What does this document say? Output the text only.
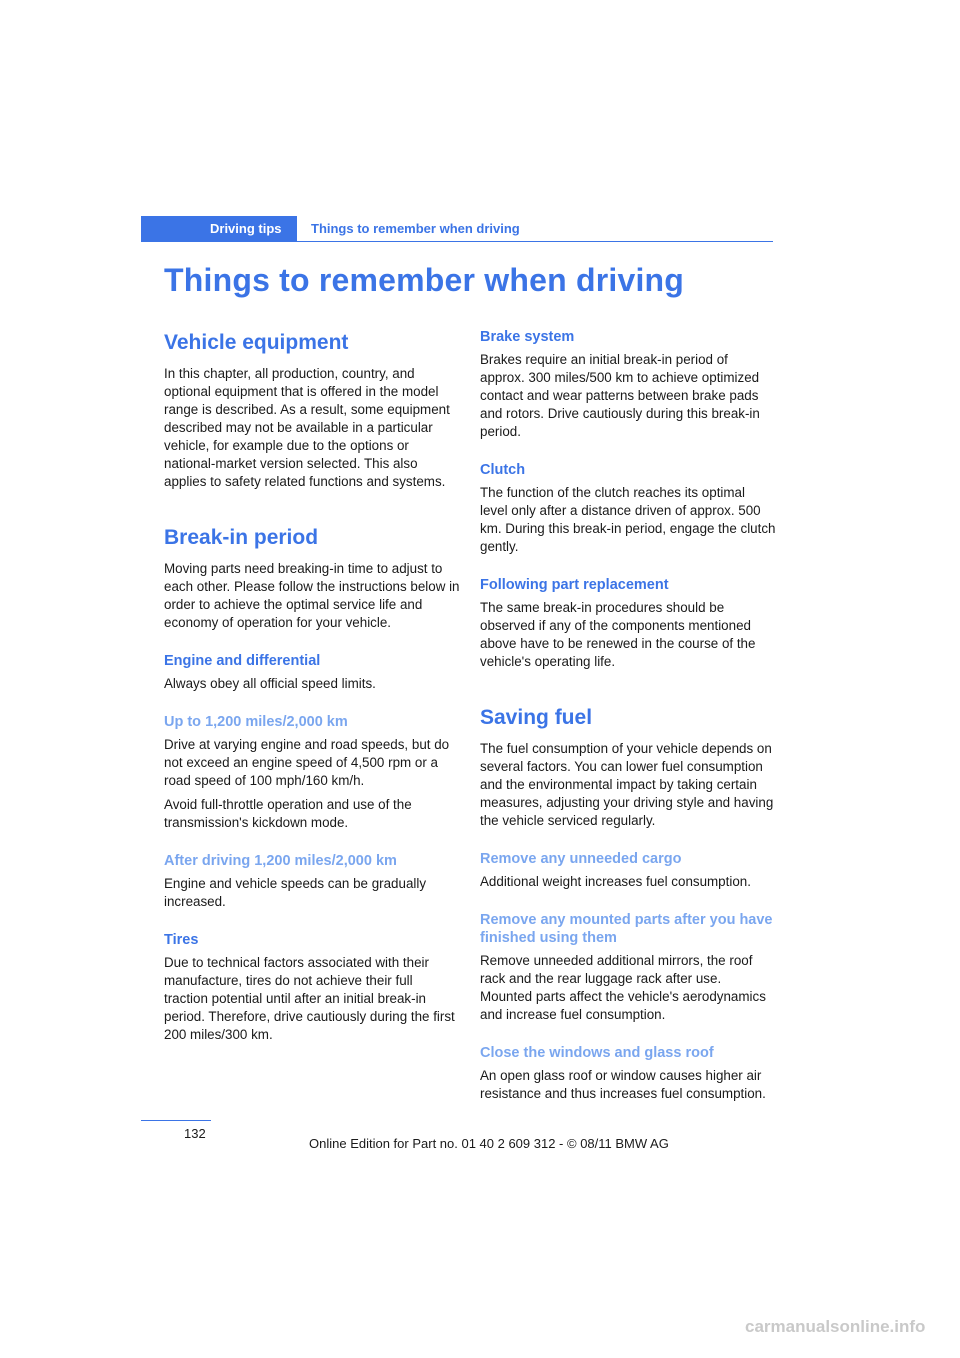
Driving tips Things to remember when driving
Things to remember when driving
Vehicle equipment

In this chapter, all production, country, and optional equipment that is offered in the model range is described. As a result, some equipment described may not be available in a particular vehicle, for example due to the options or national-market version selected. This also applies to safety related functions and systems.

Break-in period

Moving parts need breaking-in time to adjust to each other. Please follow the instructions below in order to achieve the optimal service life and economy of operation for your vehicle.

Engine and differential

Always obey all official speed limits.

Up to 1,200 miles/2,000 km

Drive at varying engine and road speeds, but do not exceed an engine speed of 4,500 rpm or a road speed of 100 mph/160 km/h.

Avoid full-throttle operation and use of the transmission's kickdown mode.

After driving 1,200 miles/2,000 km

Engine and vehicle speeds can be gradually increased.

Tires

Due to technical factors associated with their manufacture, tires do not achieve their full traction potential until after an initial break-in period. Therefore, drive cautiously during the first 200 miles/300 km.

Brake system

Brakes require an initial break-in period of approx. 300 miles/500 km to achieve optimized contact and wear patterns between brake pads and rotors. Drive cautiously during this break-in period.

Clutch

The function of the clutch reaches its optimal level only after a distance driven of approx. 500 km. During this break-in period, engage the clutch gently.

Following part replacement

The same break-in procedures should be observed if any of the components mentioned above have to be renewed in the course of the vehicle's operating life.

Saving fuel

The fuel consumption of your vehicle depends on several factors. You can lower fuel consumption and the environmental impact by taking certain measures, adjusting your driving style and having the vehicle serviced regularly.

Remove any unneeded cargo

Additional weight increases fuel consumption.

Remove any mounted parts after you have finished using them

Remove unneeded additional mirrors, the roof rack and the rear luggage rack after use. Mounted parts affect the vehicle's aerodynamics and increase fuel consumption.

Close the windows and glass roof

An open glass roof or window causes higher air resistance and thus increases fuel consumption.

132
Online Edition for Part no. 01 40 2 609 312 - © 08/11 BMW AG
carmanualsonline.info
